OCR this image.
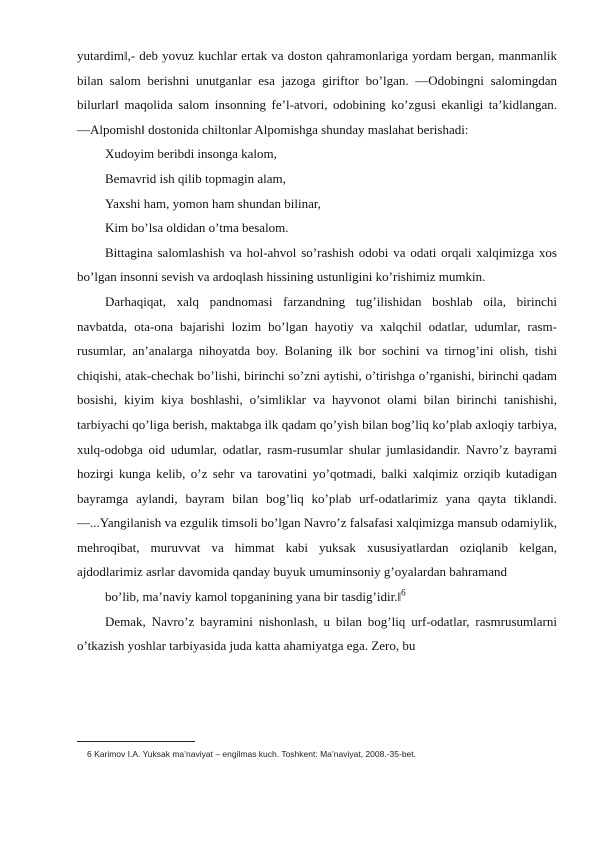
yutardim‖,- deb yovuz kuchlar ertak va doston qahramonlariga yordam bergan, manmanlik bilan salom berishni unutganlar esa jazoga giriftor bo’lgan. ―Odobingni salomingdan bilurlar‖ maqolida salom insonning fe’l-atvori, odobining ko’zgusi ekanligi ta’kidlangan. ―Alpomish‖ dostonida chiltonlar Alpomishga shunday maslahat berishadi:

Xudoyim beribdi insonga kalom,

Bemavrid ish qilib topmagin alam,

Yaxshi ham, yomon ham shundan bilinar,

Kim bo’lsa oldidan o’tma besalom.

Bittagina salomlashish va hol-ahvol so’rashish odobi va odati orqali xalqimizga xos bo’lgan insonni sevish va ardoqlash hissining ustunligini ko’rishimiz mumkin.

Darhaqiqat, xalq pandnomasi farzandning tug’ilishidan boshlab oila, birinchi navbatda, ota-ona bajarishi lozim bo’lgan hayotiy va xalqchil odatlar, udumlar, rasm-rusumlar, an’analarga nihoyatda boy. Bolaning ilk bor sochini va tirnog’ini olish, tishi chiqishi, atak-chechak bo’lishi, birinchi so’zni aytishi, o’tirishga o’rganishi, birinchi qadam bosishi, kiyim kiya boshlashi, o’simliklar va hayvonot olami bilan birinchi tanishishi, tarbiyachi qo’liga berish, maktabga ilk qadam qo’yish bilan bog’liq ko’plab axloqiy tarbiya, xulq-odobga oid udumlar, odatlar, rasm-rusumlar shular jumlasidandir. Navro’z bayrami hozirgi kunga kelib, o’z sehr va tarovatini yo’qotmadi, balki xalqimiz orziqib kutadigan bayramga aylandi, bayram bilan bog’liq ko’plab urf-odatlarimiz yana qayta tiklandi. ―...Yangilanish va ezgulik timsoli bo’lgan Navro’z falsafasi xalqimizga mansub odamiylik, mehroqibat, muruvvat va himmat kabi yuksak xususiyatlardan oziqlanib kelgan, ajdodlarimiz asrlar davomida qanday buyuk umuminsoniy g’oyalardan bahramand

bo’lib, ma’naviy kamol topganining yana bir tasdig’idir.‖$^6$

Demak, Navro’z bayramini nishonlash, u bilan bog’liq urf-odatlar, rasmrusumlarni o’tkazish yoshlar tarbiyasida juda katta ahamiyatga ega. Zero, bu

6 Karimov I.A. Yuksak ma’naviyat – engilmas kuch. Toshkent: Ma’naviyat, 2008.-35-bet.
